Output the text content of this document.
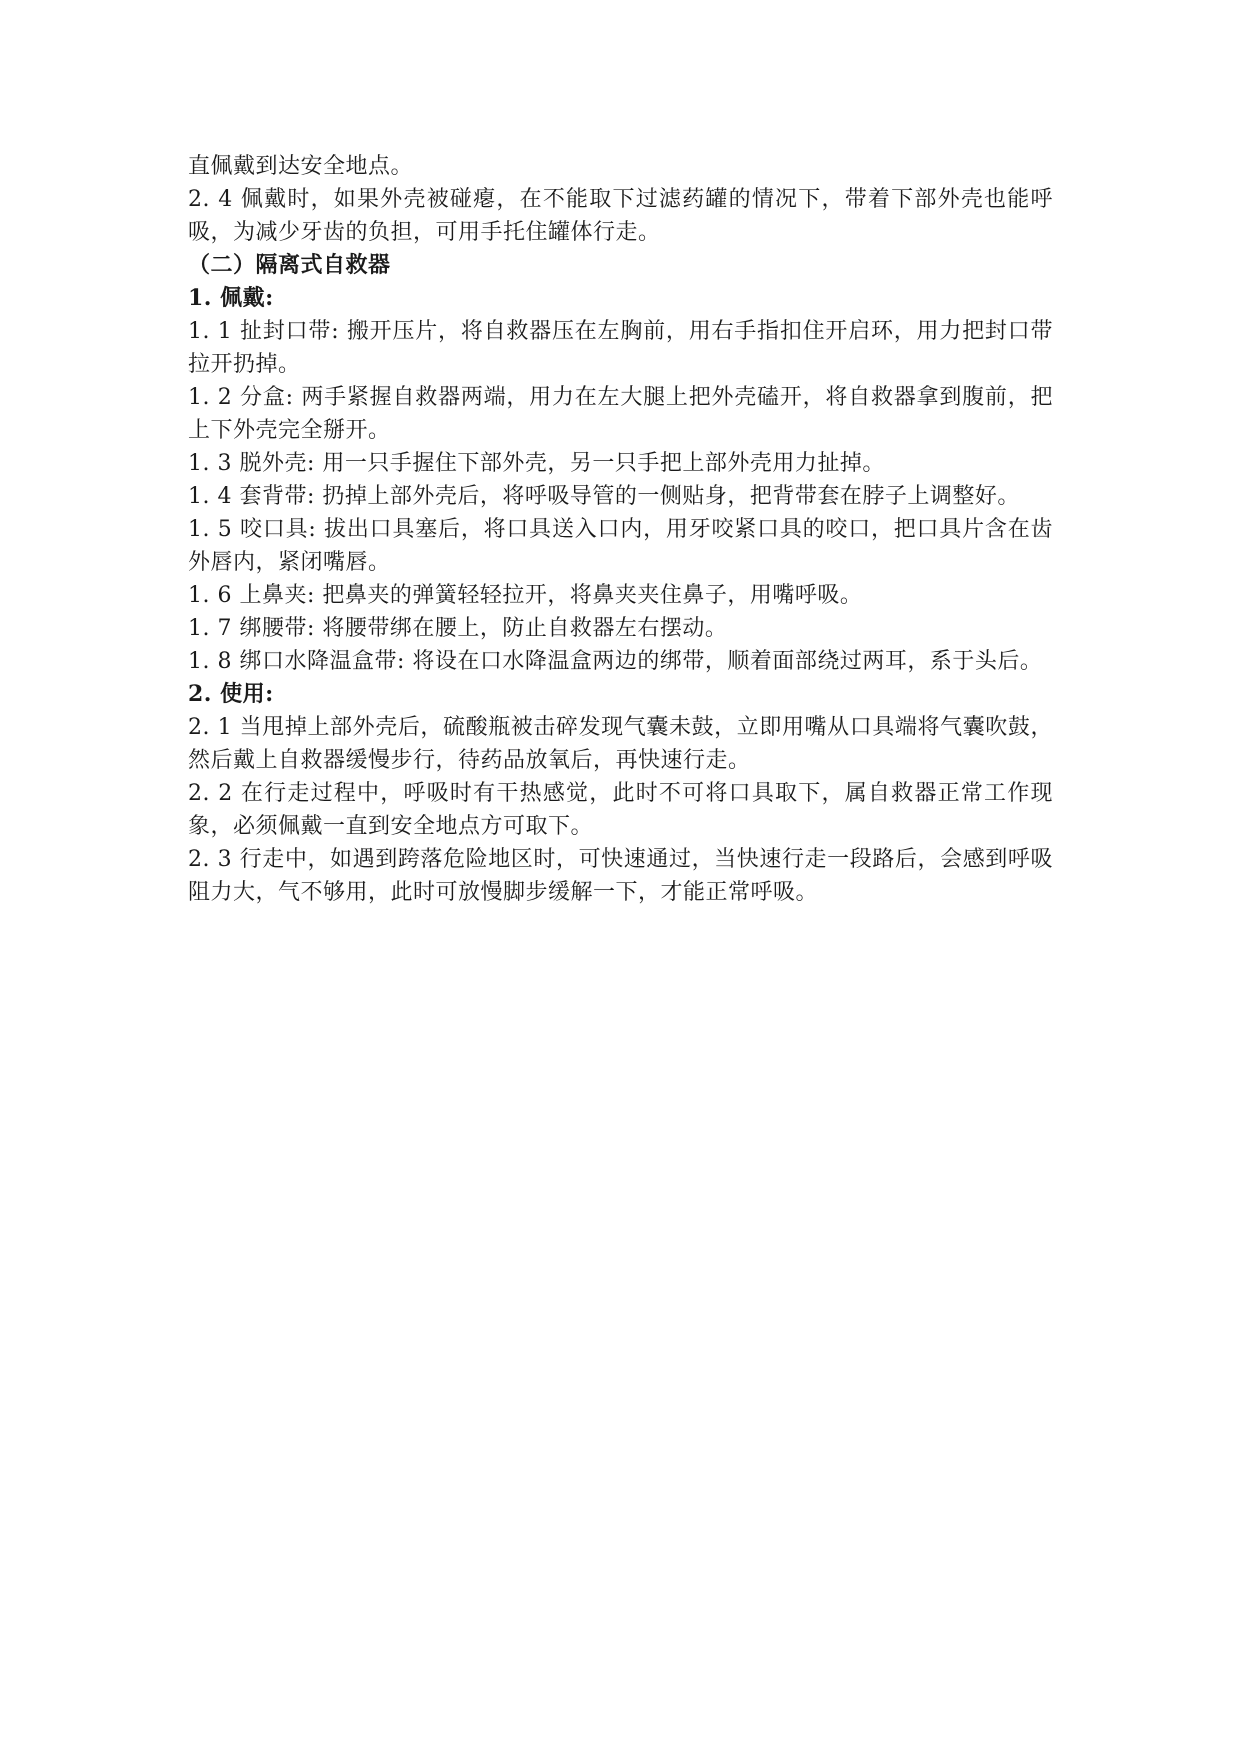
直佩戴到达安全地点。

2. 4 佩戴时，如果外壳被碰瘪，在不能取下过滤药罐的情况下，带着下部外壳也能呼吸，为减少牙齿的负担，可用手托住罐体行走。

（二）隔离式自救器

1. 佩戴:

1. 1 扯封口带: 搬开压片，将自救器压在左胸前，用右手指扣住开启环，用力把封口带拉开扔掉。

1. 2 分盒: 两手紧握自救器两端，用力在左大腿上把外壳磕开，将自救器拿到腹前，把上下外壳完全掰开。

1. 3 脱外壳: 用一只手握住下部外壳，另一只手把上部外壳用力扯掉。

1. 4 套背带: 扔掉上部外壳后，将呼吸导管的一侧贴身，把背带套在脖子上调整好。

1. 5 咬口具: 拔出口具塞后，将口具送入口内，用牙咬紧口具的咬口，把口具片含在齿外唇内，紧闭嘴唇。

1. 6 上鼻夹: 把鼻夹的弹簧轻轻拉开，将鼻夹夹住鼻子，用嘴呼吸。

1. 7 绑腰带: 将腰带绑在腰上，防止自救器左右摆动。

1. 8 绑口水降温盒带: 将设在口水降温盒两边的绑带，顺着面部绕过两耳，系于头后。

2. 使用:

2. 1 当甩掉上部外壳后，硫酸瓶被击碎发现气囊未鼓，立即用嘴从口具端将气囊吹鼓，然后戴上自救器缓慢步行，待药品放氧后，再快速行走。

2. 2 在行走过程中，呼吸时有干热感觉，此时不可将口具取下，属自救器正常工作现象，必须佩戴一直到安全地点方可取下。

2. 3 行走中，如遇到跨落危险地区时，可快速通过，当快速行走一段路后，会感到呼吸阻力大，气不够用，此时可放慢脚步缓解一下，才能正常呼吸。
